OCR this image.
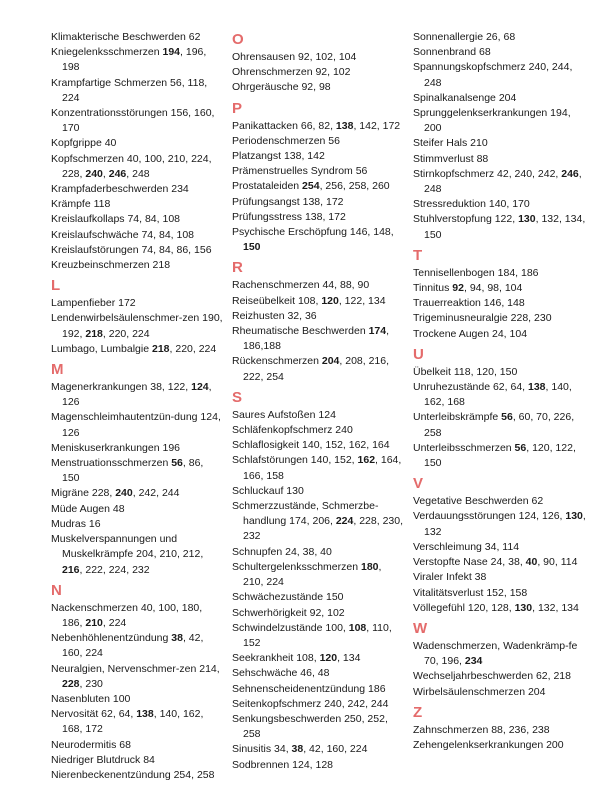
Klimakterische Beschwerden 62
Kniegelenksschmerzen 194, 196, 198
Krampfartige Schmerzen 56, 118, 224
Konzentrationsstörungen 156, 160, 170
Kopfgrippe 40
Kopfschmerzen 40, 100, 210, 224, 228, 240, 246, 248
Krampfaderbeschwerden 234
Krämpfe 118
Kreislaufkollaps 74, 84, 108
Kreislaufschwäche 74, 84, 108
Kreislaufstörungen 74, 84, 86, 156
Kreuzbeinschmerzen 218
L
Lampenfieber 172
Lendenwirbelsäulenschmer-zen 190, 192, 218, 220, 224
Lumbago, Lumbalgie 218, 220, 224
M
Magenerkrankungen 38, 122, 124, 126
Magenschleimhautentzün-dung 124, 126
Meniskuserkrankungen 196
Menstruationsschmerzen 56, 86, 150
Migräne 228, 240, 242, 244
Müde Augen 48
Mudras 16
Muskelverspannungen und Muskelkrämpfe 204, 210, 212, 216, 222, 224, 232
N
Nackenschmerzen 40, 100, 180, 186, 210, 224
Nebenhöhlenentzündung 38, 42, 160, 224
Neuralgien, Nervenschmer-zen 214, 228, 230
Nasenbluten 100
Nervosität 62, 64, 138, 140, 162, 168, 172
Neurodermitis 68
Niedriger Blutdruck 84
Nierenbeckenentzündung 254, 258
O
Ohrensausen 92, 102, 104
Ohrenschmerzen 92, 102
Ohrgeräusche 92, 98
P
Panikattacken 66, 82, 138, 142, 172
Periodenschmerzen 56
Platzangst 138, 142
Prämenstruelles Syndrom 56
Prostataleiden 254, 256, 258, 260
Prüfungsangst 138, 172
Prüfungsstress 138, 172
Psychische Erschöpfung 146, 148, 150
R
Rachenschmerzen 44, 88, 90
Reiseübelkeit 108, 120, 122, 134
Reizhusten 32, 36
Rheumatische Beschwerden 174, 186,188
Rückenschmerzen 204, 208, 216, 222, 254
S
Saures Aufstoßen 124
Schläfenkopfschmerz 240
Schlaflosigkeit 140, 152, 162, 164
Schlafstörungen 140, 152, 162, 164, 166, 158
Schluckauf 130
Schmerzzustände, Schmerzbe-handlung 174, 206, 224, 228, 230, 232
Schnupfen 24, 38, 40
Schultergelenksschmerzen 180, 210, 224
Schwächezustände 150
Schwerhörigkeit 92, 102
Schwindelzustände 100, 108, 110, 152
Seekrankheit 108, 120, 134
Sehschwäche 46, 48
Sehnenscheidenentzündung 186
Seitenkopfschmerz 240, 242, 244
Senkungsbeschwerden 250, 252, 258
Sinusitis 34, 38, 42, 160, 224
Sodbrennen 124, 128
Sonnenallergie 26, 68
Sonnenbrand 68
Spannungskopfschmerz 240, 244, 248
Spinalkanalsenge 204
Sprunggelenkserkrankungen 194, 200
Steifer Hals 210
Stimmverlust 88
Stirnkopfschmerz 42, 240, 242, 246, 248
Stressreduktion 140, 170
Stuhlverstopfung 122, 130, 132, 134, 150
T
Tennisellenbogen 184, 186
Tinnitus 92, 94, 98, 104
Trauerreaktion 146, 148
Trigeminusneuralgie 228, 230
Trockene Augen 24, 104
U
Übelkeit 118, 120, 150
Unruhezustände 62, 64, 138, 140, 162, 168
Unterleibskrämpfe 56, 60, 70, 226, 258
Unterleibsschmerzen 56, 120, 122, 150
V
Vegetative Beschwerden 62
Verdauungsstörungen 124, 126, 130, 132
Verschleimung 34, 114
Verstopfte Nase 24, 38, 40, 90, 114
Viraler Infekt 38
Vitalitätsverlust 152, 158
Völlegefühl 120, 128, 130, 132, 134
W
Wadenschmerzen, Wadenkrämp-fe 70, 196, 234
Wechseljahrbeschwerden 62, 218
Wirbelsäulenschmerzen 204
Z
Zahnschmerzen 88, 236, 238
Zehengelenkserkrankungen 200
